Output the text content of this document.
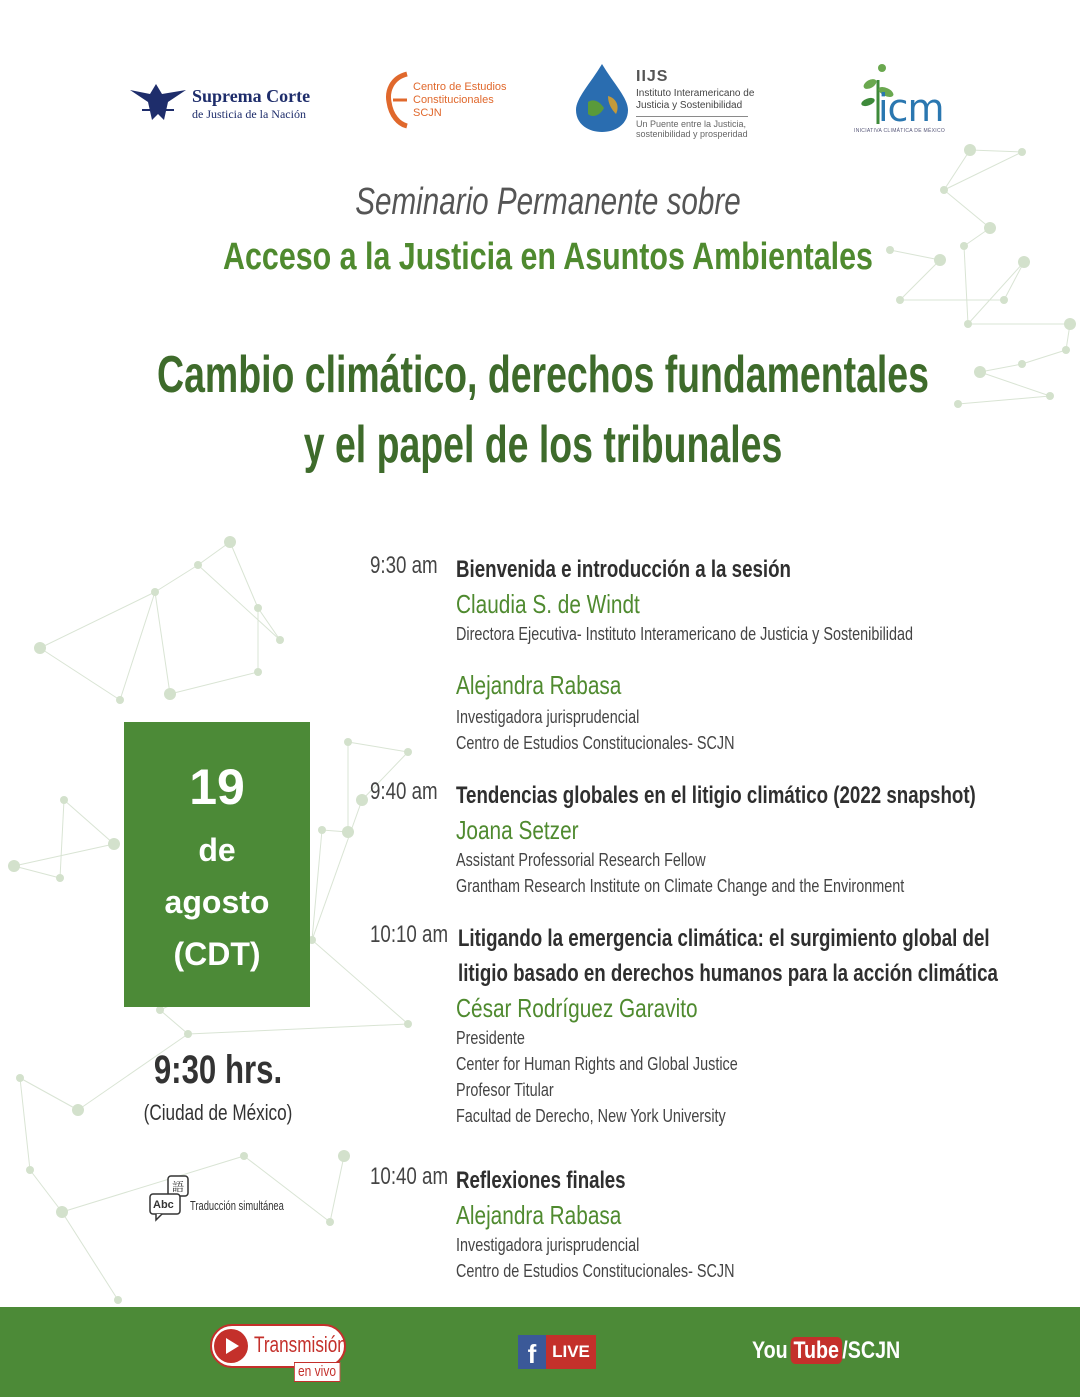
Suprema Corte
de Justicia de la Nación
Centro de Estudios
Constitucionales
SCJN
IIJS
Instituto Interamericano de
Justicia y Sostenibilidad
Un Puente entre la Justicia,
sostenibilidad y prosperidad
icm
INICIATIVA CLIMÁTICA DE MÉXICO
Seminario Permanente sobre
Acceso a la Justicia en Asuntos Ambientales
Cambio climático, derechos fundamentales
y el papel de los tribunales
19
de
agosto
(CDT)
9:30 hrs.
(Ciudad de México)
語
Abc Traducción simultánea
9:30 am Bienvenida e introducción a la sesión
Claudia S. de Windt
Directora Ejecutiva- Instituto Interamericano de Justicia y Sostenibilidad
Alejandra Rabasa
Investigadora jurisprudencial
Centro de Estudios Constitucionales- SCJN
9:40 am Tendencias globales en el litigio climático (2022 snapshot)
Joana Setzer
Assistant Professorial Research Fellow
Grantham Research Institute on Climate Change and the Environment
10:10 am Litigando la emergencia climática: el surgimiento global del
litigio basado en derechos humanos para la acción climática
César Rodríguez Garavito
Presidente
Center for Human Rights and Global Justice
Profesor Titular
Facultad de Derecho, New York University
10:40 am Reflexiones finales
Alejandra Rabasa
Investigadora jurisprudencial
Centro de Estudios Constitucionales- SCJN
Transmisión
en vivo
f LIVE	You Tube /SCJN
